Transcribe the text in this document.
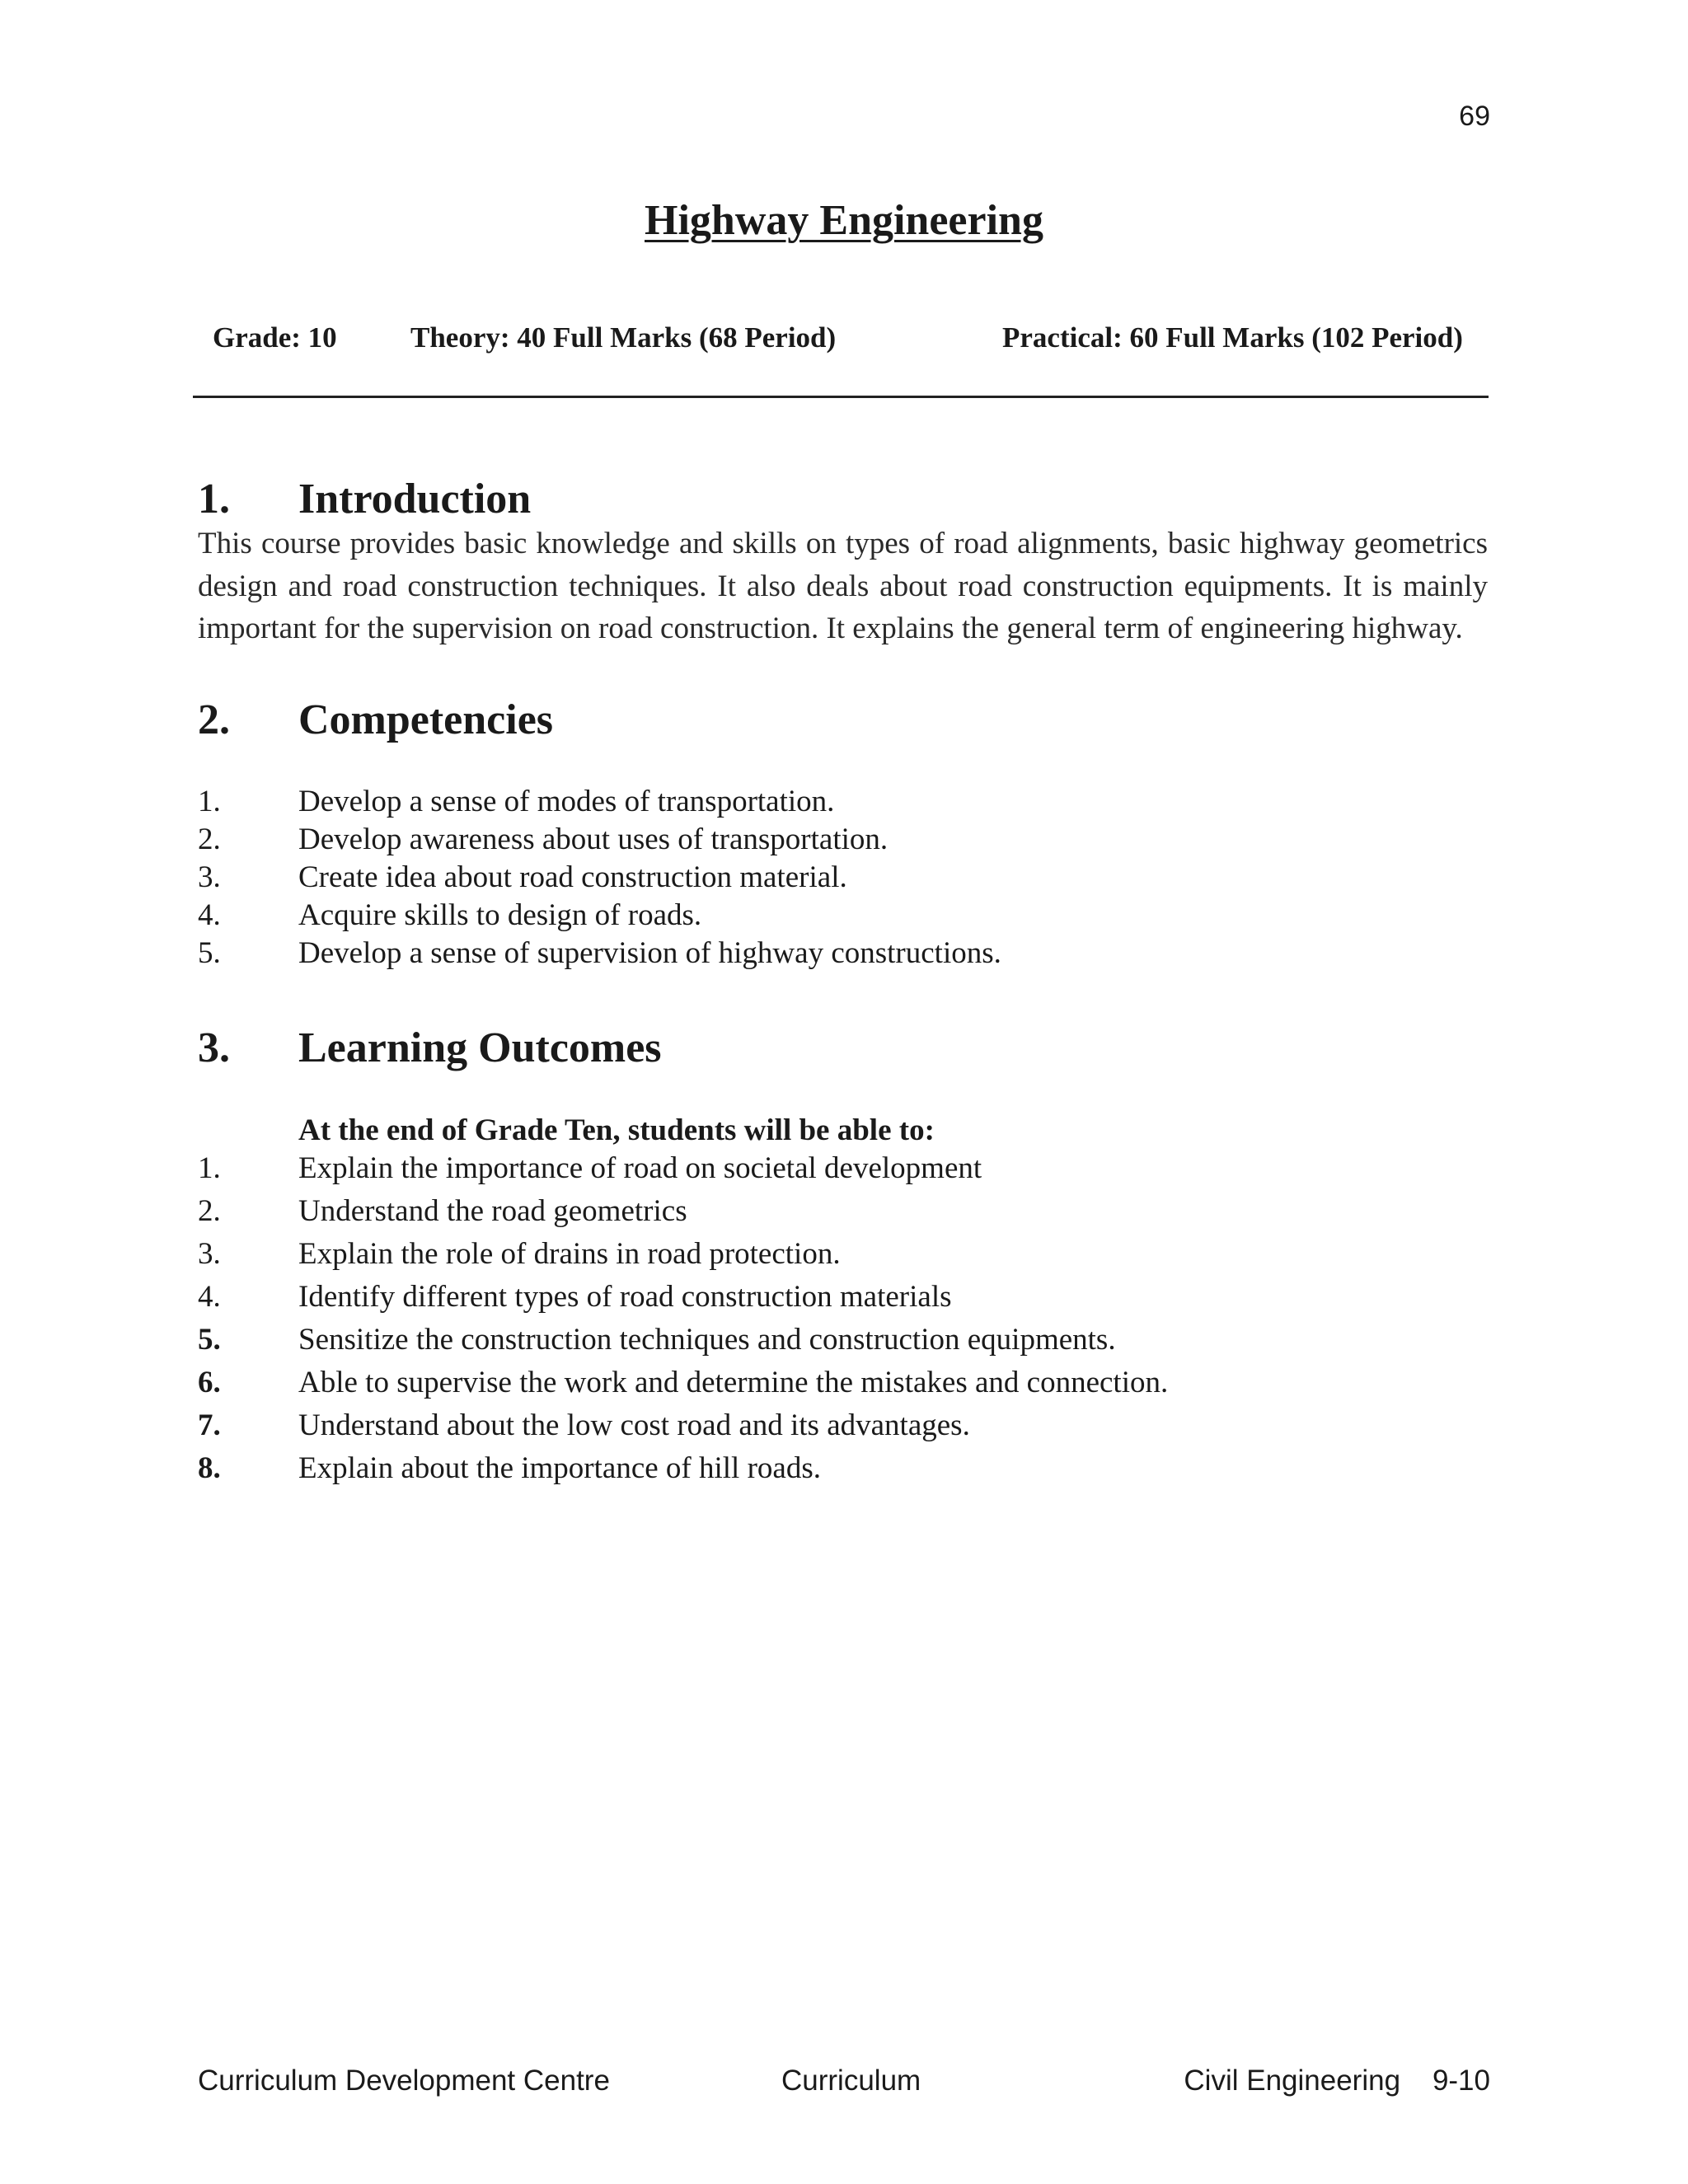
69
Highway Engineering
Grade: 10	Theory: 40 Full Marks (68 Period)	Practical: 60 Full Marks (102 Period)
1. Introduction
This course provides basic knowledge and skills on types of road alignments, basic highway geometrics design and road construction techniques. It also deals about road construction equipments. It is mainly important for the supervision on road construction. It explains the general term of engineering highway.
2. Competencies
1.	Develop a sense of modes of transportation.
2.	Develop awareness about uses of transportation.
3.	Create idea about road construction material.
4.	Acquire skills to design of roads.
5.	Develop a sense of supervision of highway constructions.
3. Learning Outcomes
At the end of Grade Ten, students will be able to:
1.	Explain the importance of road on societal development
2.	Understand the road geometrics
3.	Explain the role of drains in road protection.
4.	Identify different types of road construction materials
5.	Sensitize the construction techniques and construction equipments.
6.	Able to supervise the work and determine the mistakes and connection.
7.	Understand about the low cost road and its advantages.
8.	Explain about the importance of hill roads.
Curriculum Development Centre	Curriculum	Civil Engineering    9-10
